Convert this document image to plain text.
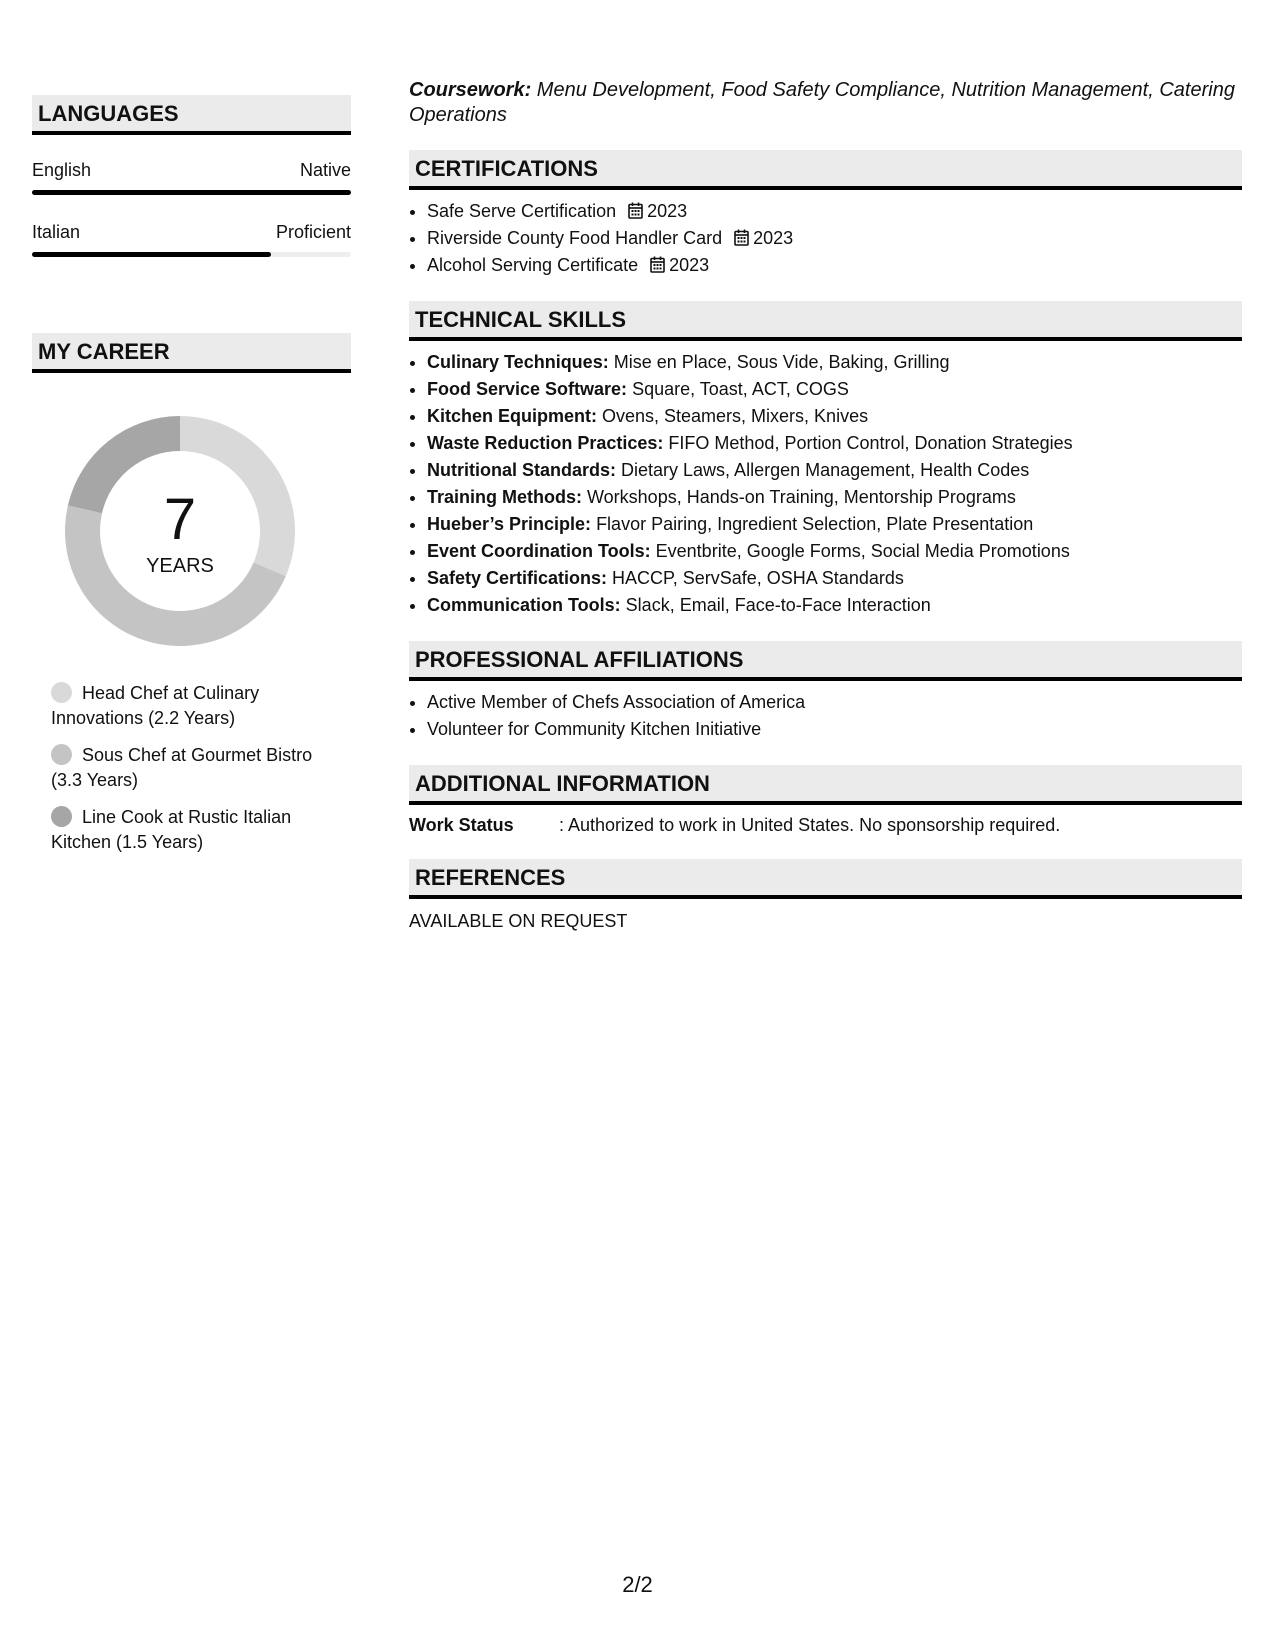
LANGUAGES
English	Native
Italian	Proficient
MY CAREER
7
YEARS
Head Chef at Culinary Innovations (2.2 Years)
Sous Chef at Gourmet Bistro (3.3 Years)
Line Cook at Rustic Italian Kitchen (1.5 Years)
Coursework: Menu Development, Food Safety Compliance, Nutrition Management, Catering Operations
CERTIFICATIONS
• Safe Serve Certification 2023
• Riverside County Food Handler Card 2023
• Alcohol Serving Certificate 2023
TECHNICAL SKILLS
• Culinary Techniques: Mise en Place, Sous Vide, Baking, Grilling
• Food Service Software: Square, Toast, ACT, COGS
• Kitchen Equipment: Ovens, Steamers, Mixers, Knives
• Waste Reduction Practices: FIFO Method, Portion Control, Donation Strategies
• Nutritional Standards: Dietary Laws, Allergen Management, Health Codes
• Training Methods: Workshops, Hands-on Training, Mentorship Programs
• Hueber’s Principle: Flavor Pairing, Ingredient Selection, Plate Presentation
• Event Coordination Tools: Eventbrite, Google Forms, Social Media Promotions
• Safety Certifications: HACCP, ServSafe, OSHA Standards
• Communication Tools: Slack, Email, Face-to-Face Interaction
PROFESSIONAL AFFILIATIONS
• Active Member of Chefs Association of America
• Volunteer for Community Kitchen Initiative
ADDITIONAL INFORMATION
Work Status	: Authorized to work in United States. No sponsorship required.
REFERENCES
AVAILABLE ON REQUEST
2/2
